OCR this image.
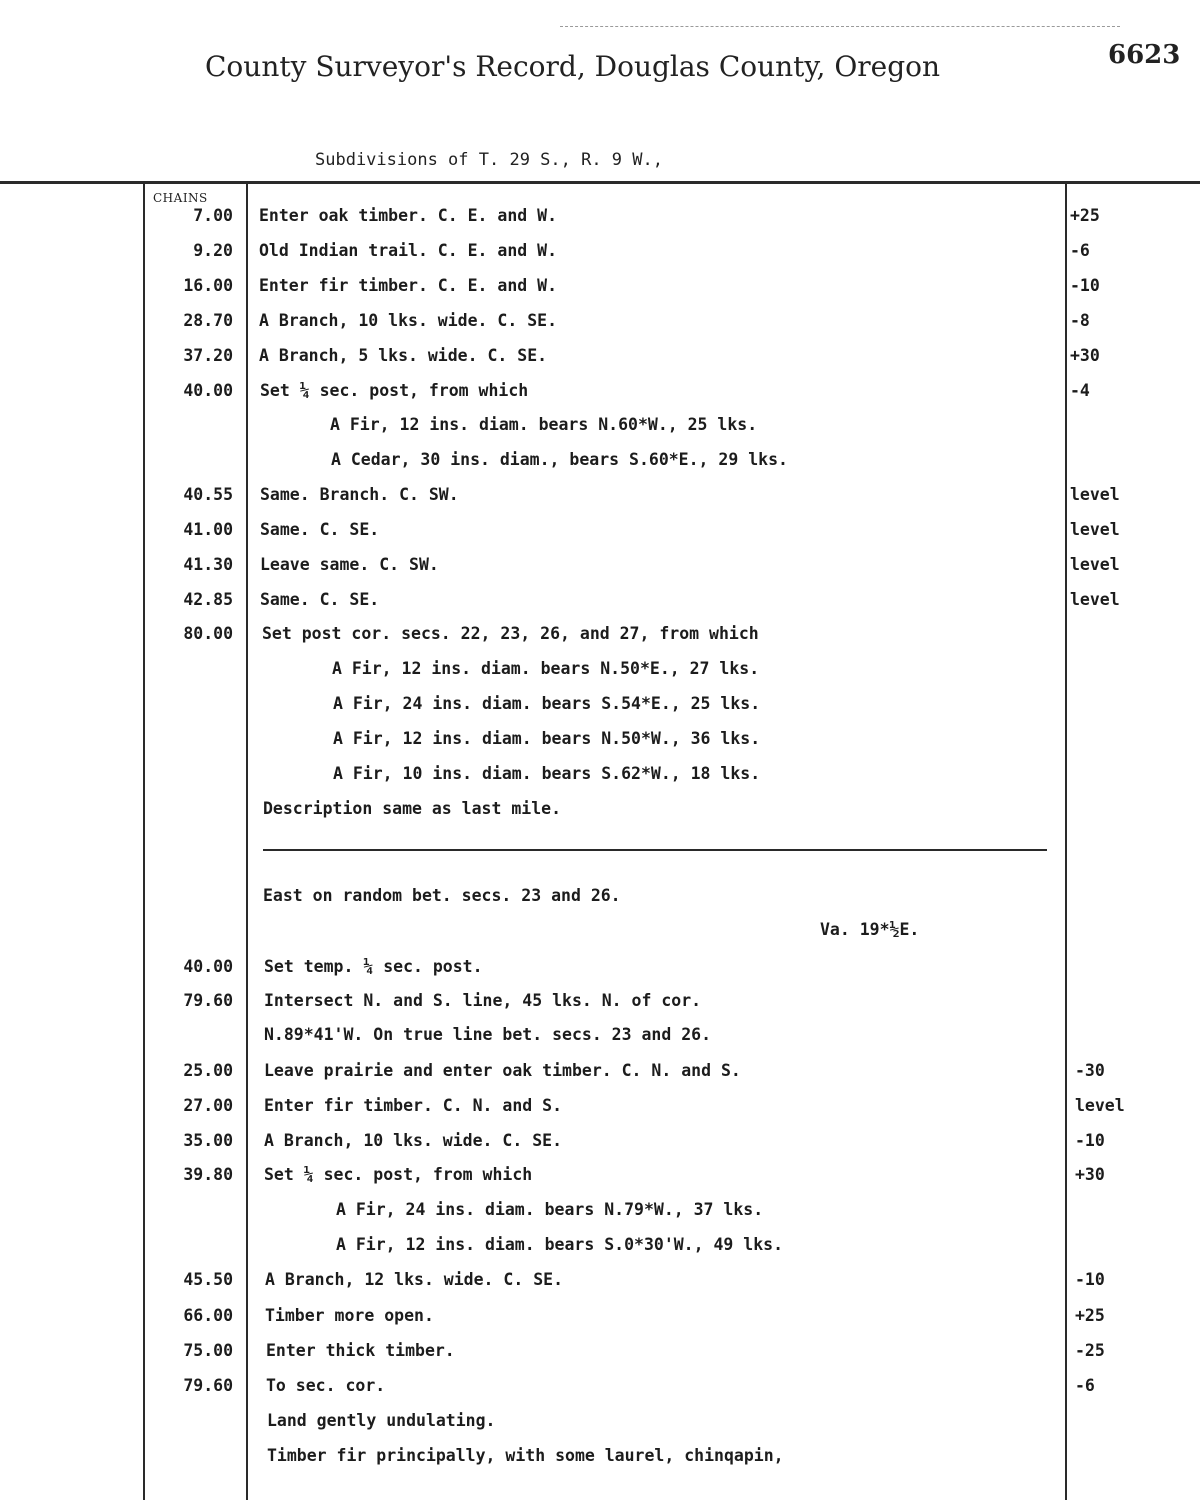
County Surveyor's Record, Douglas County, Oregon	6623
Subdivisions of T. 29 S., R. 9 W.,
CHAINS
7.00 Enter oak timber. C. E. and W.	+25
9.20 Old Indian trail. C. E. and W.	-6
16.00 Enter fir timber. C. E. and W.	-10
28.70 A Branch, 10 lks. wide. C. SE.	-8
37.20 A Branch, 5 lks. wide. C. SE.	+30
40.00 Set ¼ sec. post, from which	-4
A Fir, 12 ins. diam. bears N.60*W., 25 lks.
A Cedar, 30 ins. diam., bears S.60*E., 29 lks.
40.55 Same. Branch. C. SW.	level
41.00 Same. C. SE.	level
41.30 Leave same. C. SW.	level
42.85 Same. C. SE.	level
80.00 Set post cor. secs. 22, 23, 26, and 27, from which
A Fir, 12 ins. diam. bears N.50*E., 27 lks.
A Fir, 24 ins. diam. bears S.54*E., 25 lks.
A Fir, 12 ins. diam. bears N.50*W., 36 lks.
A Fir, 10 ins. diam. bears S.62*W., 18 lks.
Description same as last mile.
East on random bet. secs. 23 and 26.
Va. 19*½E.
40.00 Set temp. ¼ sec. post.
79.60 Intersect N. and S. line, 45 lks. N. of cor.
N.89*41'W. On true line bet. secs. 23 and 26.
25.00 Leave prairie and enter oak timber. C. N. and S.	-30
27.00 Enter fir timber. C. N. and S.	level
35.00 A Branch, 10 lks. wide. C. SE.	-10
39.80 Set ¼ sec. post, from which	+30
A Fir, 24 ins. diam. bears N.79*W., 37 lks.
A Fir, 12 ins. diam. bears S.0*30'W., 49 lks.
45.50 A Branch, 12 lks. wide. C. SE.	-10
66.00 Timber more open.	+25
75.00 Enter thick timber.	-25
79.60 To sec. cor.	-6
Land gently undulating.
Timber fir principally, with some laurel, chinqapin,
